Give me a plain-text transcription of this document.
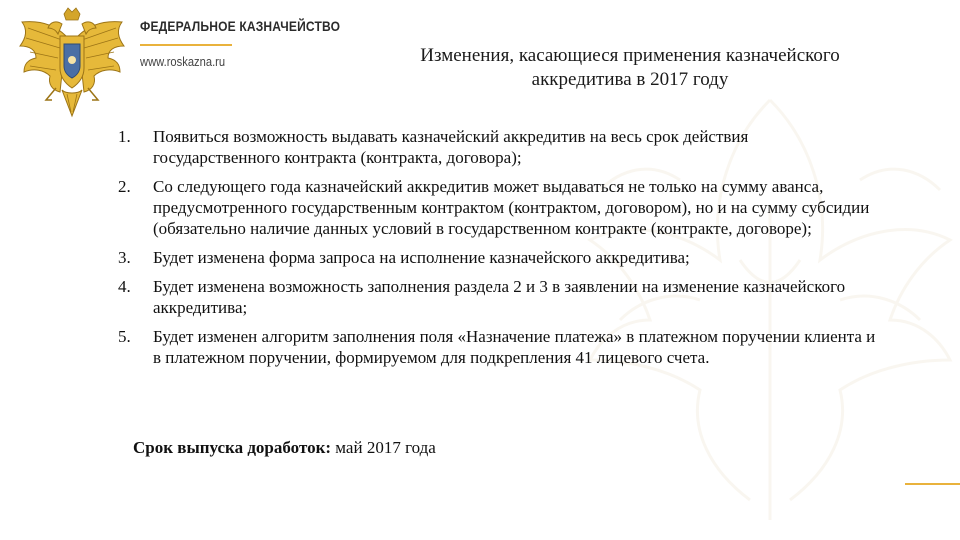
ФЕДЕРАЛЬНОЕ КАЗНАЧЕЙСТВО
www.roskazna.ru	Изменения, касающиеся применения казначейского аккредитива в 2017 году
1. Появиться возможность выдавать казначейский аккредитив на весь срок действия государственного контракта (контракта, договора);
2. Со следующего года казначейский аккредитив может выдаваться не только на сумму аванса, предусмотренного государственным контрактом (контрактом, договором), но и на сумму субсидии (обязательно наличие данных условий в государственном контракте (контракте, договоре);
3. Будет изменена форма запроса на исполнение казначейского аккредитива;
4. Будет изменена возможность заполнения раздела 2 и 3 в заявлении на изменение казначейского аккредитива;
5. Будет изменен алгоритм заполнения поля «Назначение платежа» в платежном поручении клиента и в платежном поручении, формируемом для подкрепления 41 лицевого счета.
Срок выпуска доработок: май 2017 года
